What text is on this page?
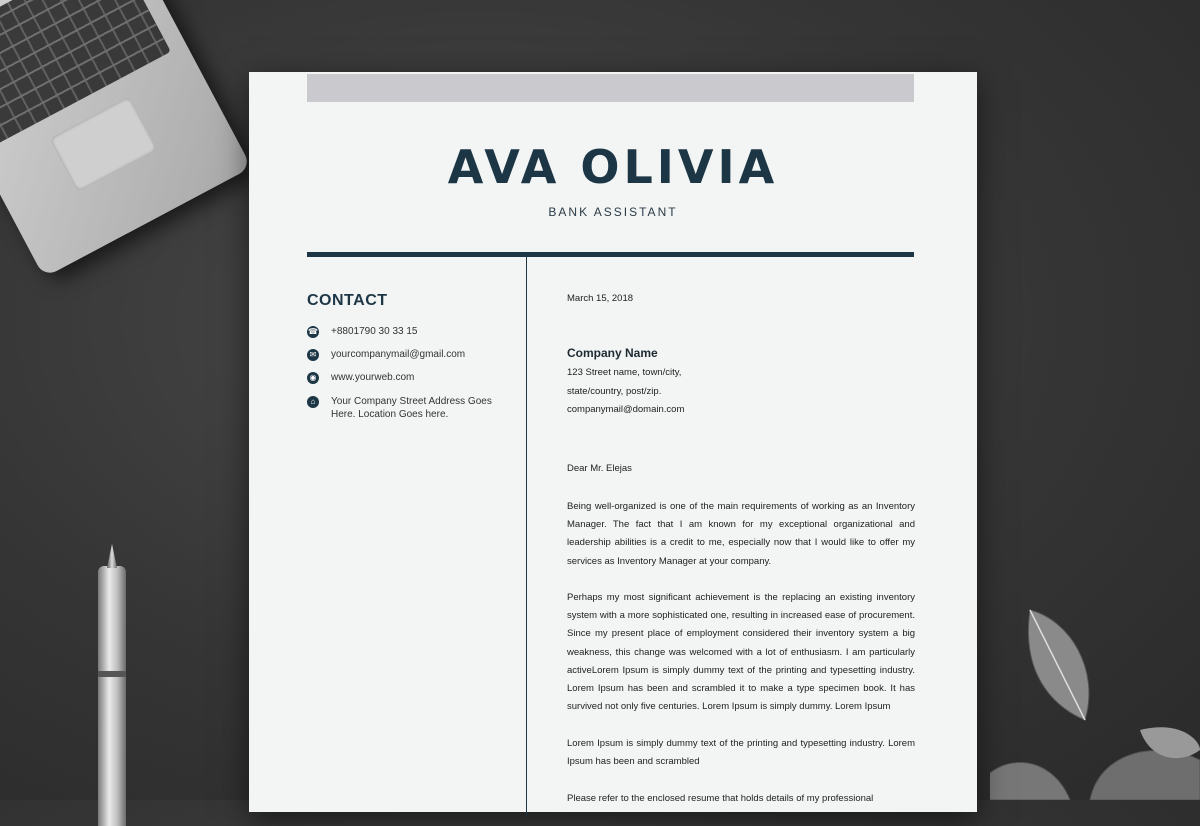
AVA OLIVIA
BANK ASSISTANT
CONTACT
☎ +8801790 30 33 15
✉ yourcompanymail@gmail.com
◉ www.yourweb.com
⌂	Your Company Street Address Goes Here. Location Goes here.
March 15, 2018
Company Name
123 Street name, town/city,
state/country, post/zip.
companymail@domain.com
Dear Mr. Elejas

Being well-organized is one of the main requirements of working as an Inventory Manager. The fact that I am known for my exceptional organizational and leadership abilities is a credit to me, especially now that I would like to offer my services as Inventory Manager at your company.

Perhaps my most significant achievement is the replacing an existing inventory system with a more sophisticated one, resulting in increased ease of procurement. Since my present place of employment considered their inventory system a big weakness, this change was welcomed with a lot of enthusiasm. I am particularly activeLorem Ipsum is simply dummy text of the printing and typesetting industry. Lorem Ipsum has been and scrambled it to make a type specimen book. It has survived not only five centuries. Lorem Ipsum is simply dummy. Lorem Ipsum

Lorem Ipsum is simply dummy text of the printing and typesetting industry. Lorem Ipsum has been and scrambled

Please refer to the enclosed resume that holds details of my professional
